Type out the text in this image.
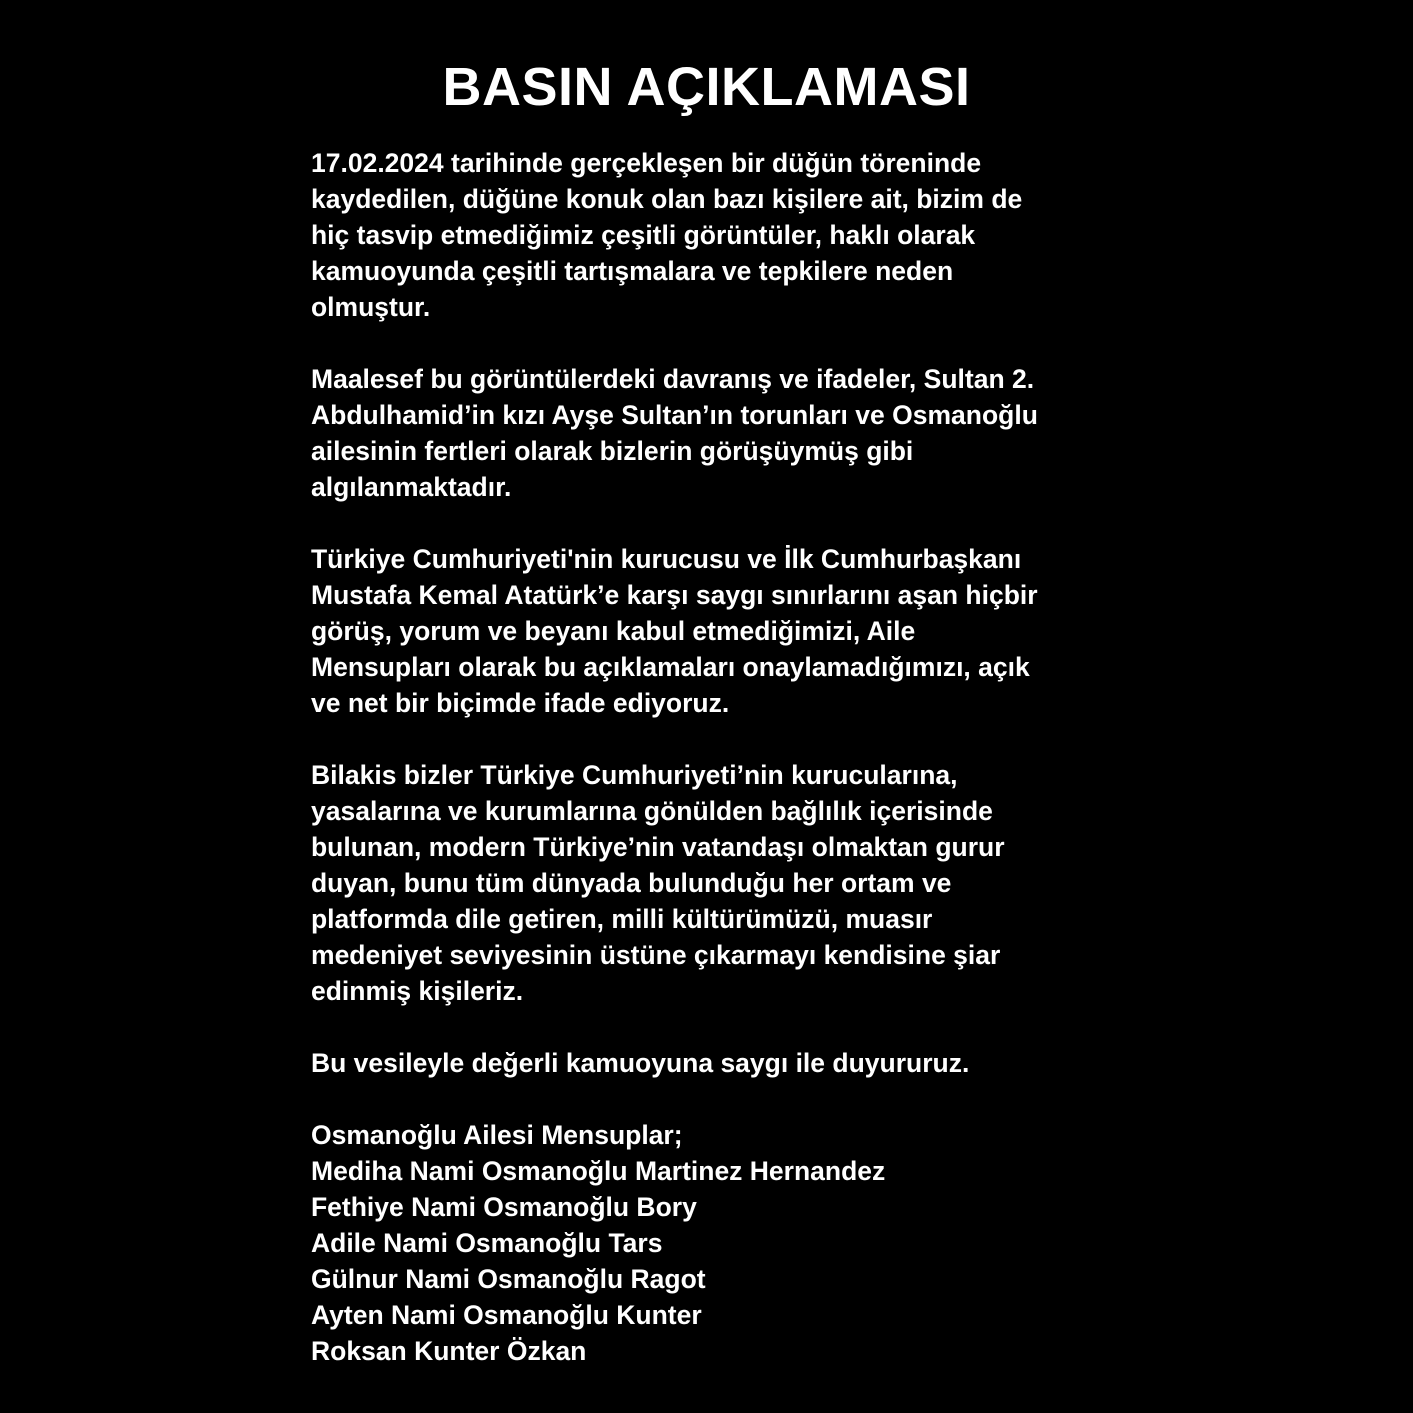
BASIN AÇIKLAMASI

17.02.2024 tarihinde gerçekleşen bir düğün töreninde
kaydedilen, düğüne konuk olan bazı kişilere ait, bizim de
hiç tasvip etmediğimiz çeşitli görüntüler, haklı olarak
kamuoyunda çeşitli tartışmalara ve tepkilere neden
olmuştur.

Maalesef bu görüntülerdeki davranış ve ifadeler, Sultan 2.
Abdulhamid’in kızı Ayşe Sultan’ın torunları ve Osmanoğlu
ailesinin fertleri olarak bizlerin görüşüymüş gibi
algılanmaktadır.

Türkiye Cumhuriyeti'nin kurucusu ve İlk Cumhurbaşkanı
Mustafa Kemal Atatürk’e karşı saygı sınırlarını aşan hiçbir
görüş, yorum ve beyanı kabul etmediğimizi, Aile
Mensupları olarak bu açıklamaları onaylamadığımızı, açık
ve net bir biçimde ifade ediyoruz.

Bilakis bizler Türkiye Cumhuriyeti’nin kurucularına,
yasalarına ve kurumlarına gönülden bağlılık içerisinde
bulunan, modern Türkiye’nin vatandaşı olmaktan gurur
duyan, bunu tüm dünyada bulunduğu her ortam ve
platformda dile getiren, milli kültürümüzü, muasır
medeniyet seviyesinin üstüne çıkarmayı kendisine şiar
edinmiş kişileriz.

Bu vesileyle değerli kamuoyuna saygı ile duyururuz.

Osmanoğlu Ailesi Mensuplar;

Mediha Nami Osmanoğlu Martinez Hernandez
Fethiye Nami Osmanoğlu Bory
Adile Nami Osmanoğlu Tars
Gülnur Nami Osmanoğlu Ragot
Ayten Nami Osmanoğlu Kunter
Roksan Kunter Özkan
